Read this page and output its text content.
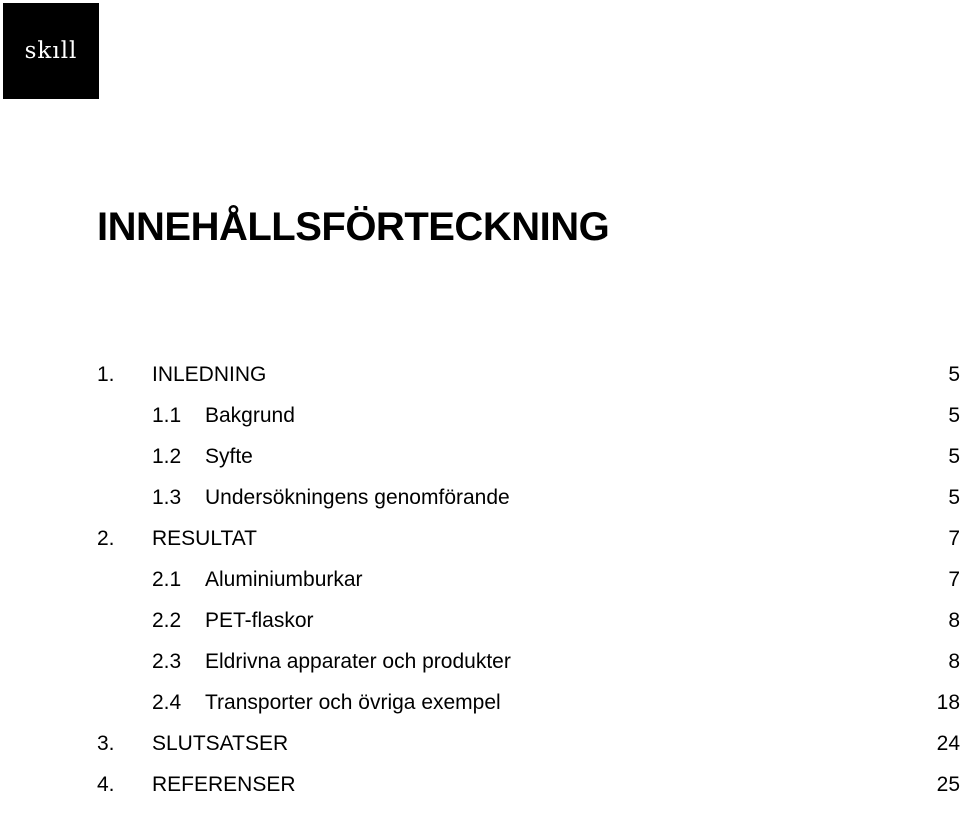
skıll
INNEHÅLLSFÖRTECKNING
1. INLEDNING	5
1.1 Bakgrund	5
1.2 Syfte	5
1.3 Undersökningens genomförande	5
2. RESULTAT	7
2.1 Aluminiumburkar	7
2.2 PET-flaskor	8
2.3 Eldrivna apparater och produkter	8
2.4 Transporter och övriga exempel	18
3. SLUTSATSER	24
4. REFERENSER	25
